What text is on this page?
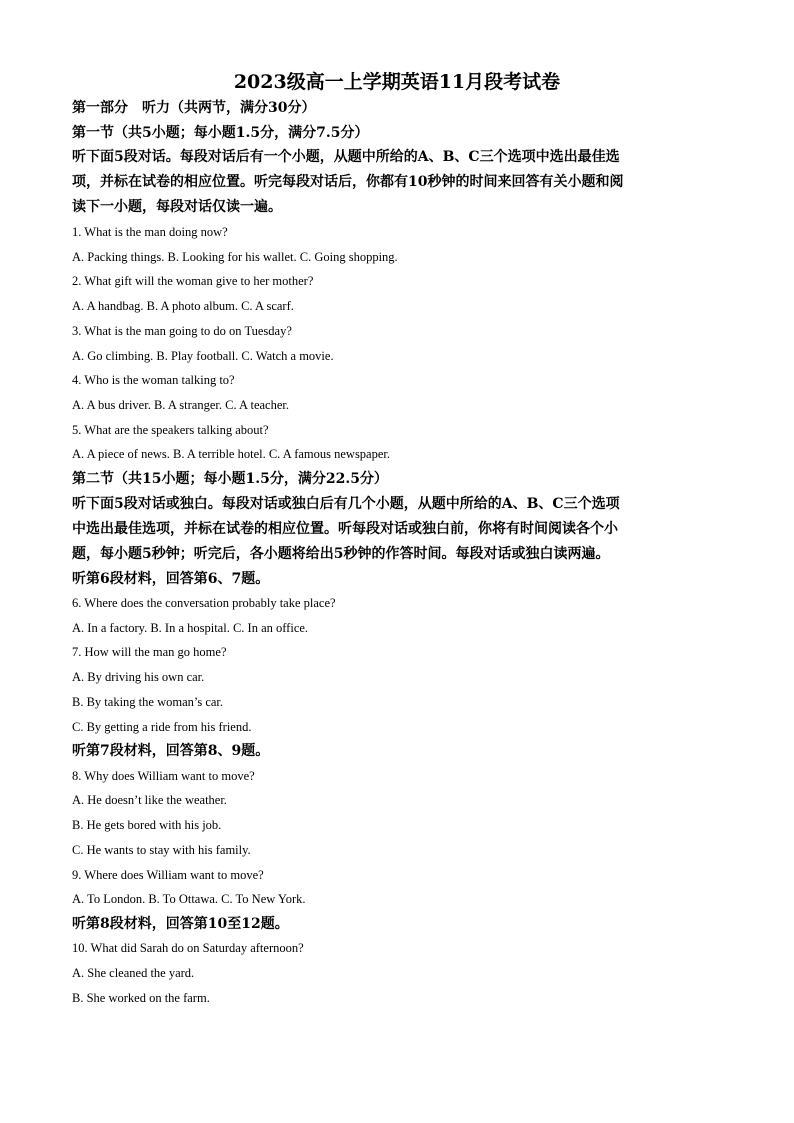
2023级高一上学期英语11月段考试卷

第一部分　听力（共两节，满分30分）

第一节（共5小题；每小题1.5分，满分7.5分）

听下面5段对话。每段对话后有一个小题，从题中所给的A、B、C三个选项中选出最佳选

项，并标在试卷的相应位置。听完每段对话后，你都有10秒钟的时间来回答有关小题和阅

读下一小题，每段对话仅读一遍。

1. What is the man doing now?

A. Packing things. B. Looking for his wallet. C. Going shopping.

2. What gift will the woman give to her mother?

A. A handbag. B. A photo album. C. A scarf.

3. What is the man going to do on Tuesday?

A. Go climbing. B. Play football. C. Watch a movie.

4. Who is the woman talking to?

A. A bus driver. B. A stranger. C. A teacher.

5. What are the speakers talking about?

A. A piece of news. B. A terrible hotel. C. A famous newspaper.

第二节（共15小题；每小题1.5分，满分22.5分）

听下面5段对话或独白。每段对话或独白后有几个小题，从题中所给的A、B、C三个选项

中选出最佳选项，并标在试卷的相应位置。听每段对话或独白前，你将有时间阅读各个小

题，每小题5秒钟；听完后，各小题将给出5秒钟的作答时间。每段对话或独白读两遍。

听第6段材料，回答第6、7题。

6. Where does the conversation probably take place?

A. In a factory. B. In a hospital. C. In an office.

7. How will the man go home?

A. By driving his own car.

B. By taking the woman’s car.

C. By getting a ride from his friend.

听第7段材料，回答第8、9题。

8. Why does William want to move?

A. He doesn’t like the weather.

B. He gets bored with his job.

C. He wants to stay with his family.

9. Where does William want to move?

A. To London. B. To Ottawa. C. To New York.

听第8段材料，回答第10至12题。

10. What did Sarah do on Saturday afternoon?

A. She cleaned the yard.

B. She worked on the farm.
